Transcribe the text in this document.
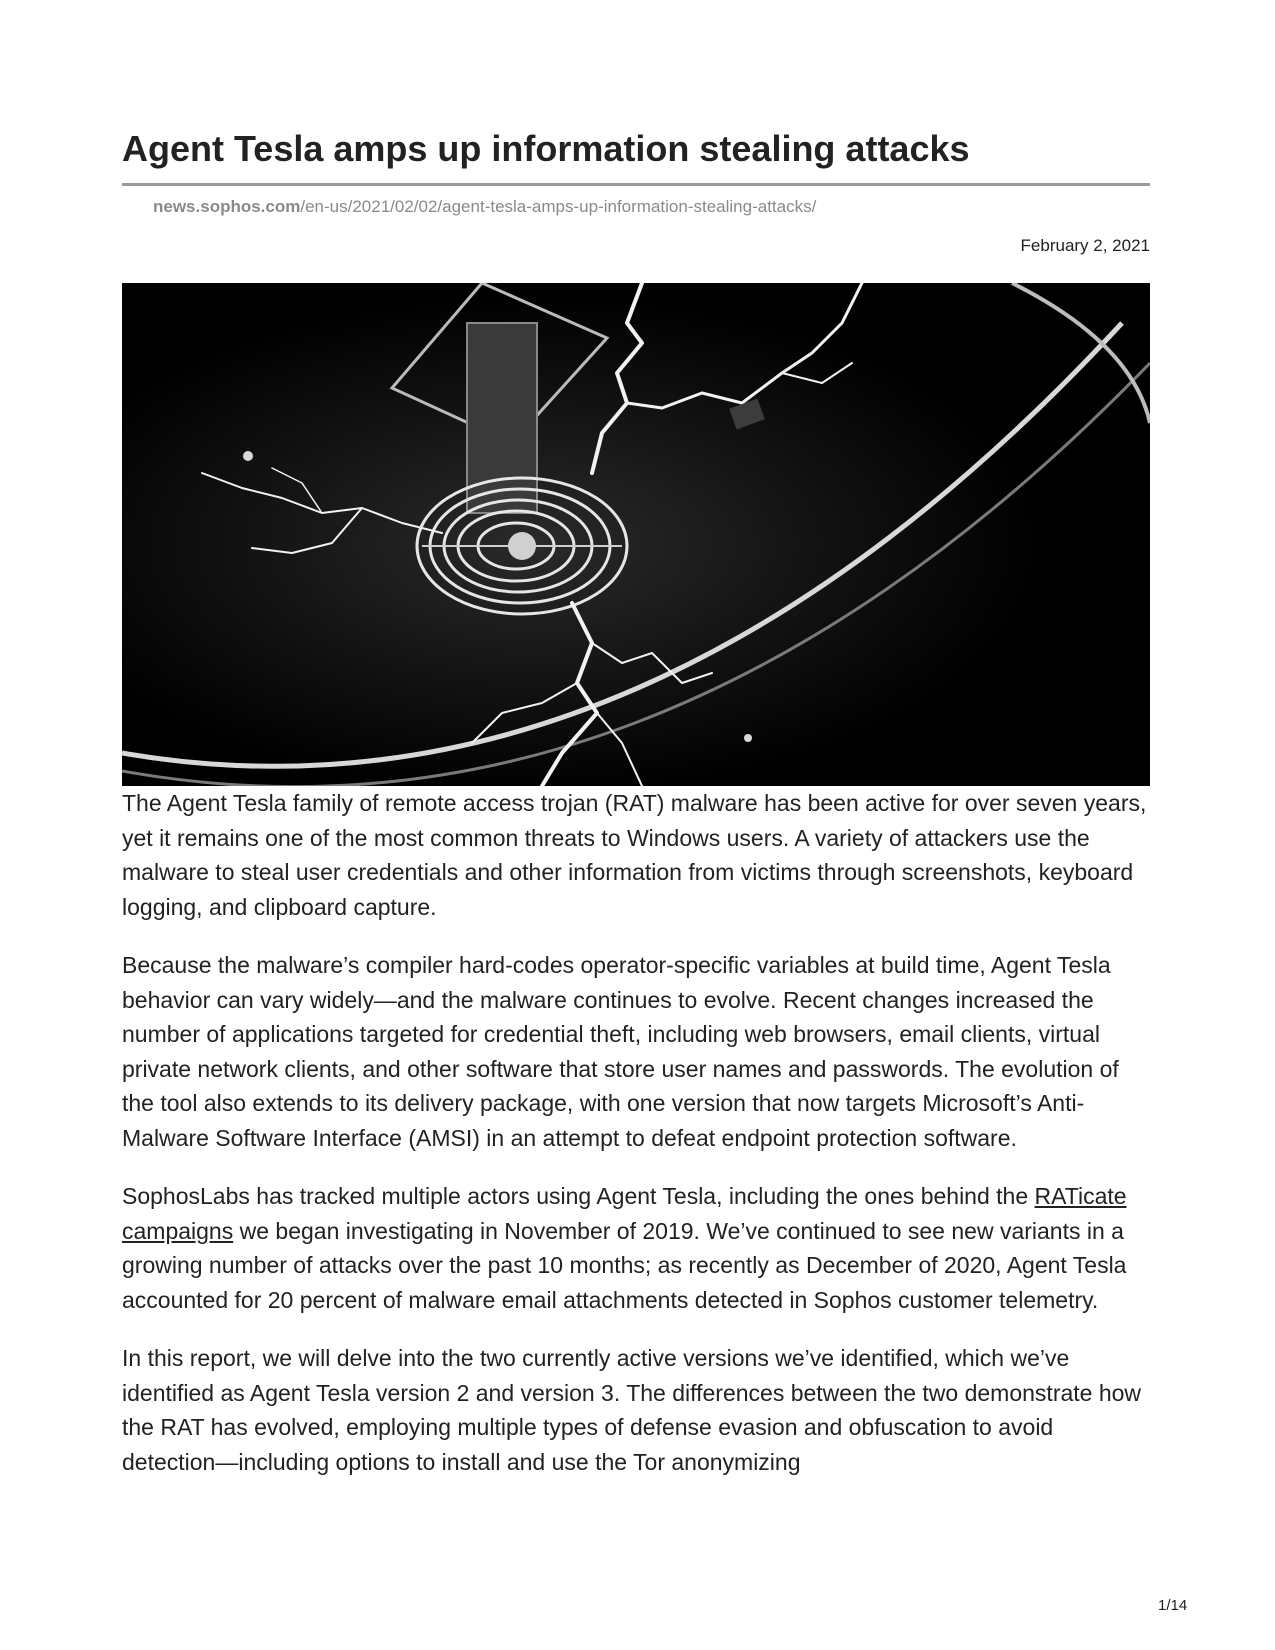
Agent Tesla amps up information stealing attacks
news.sophos.com/en-us/2021/02/02/agent-tesla-amps-up-information-stealing-attacks/
February 2, 2021

The Agent Tesla family of remote access trojan (RAT) malware has been active for over seven years, yet it remains one of the most common threats to Windows users. A variety of attackers use the malware to steal user credentials and other information from victims through screenshots, keyboard logging, and clipboard capture.

Because the malware’s compiler hard-codes operator-specific variables at build time, Agent Tesla behavior can vary widely—and the malware continues to evolve. Recent changes increased the number of applications targeted for credential theft, including web browsers, email clients, virtual private network clients, and other software that store user names and passwords. The evolution of the tool also extends to its delivery package, with one version that now targets Microsoft’s Anti-Malware Software Interface (AMSI) in an attempt to defeat endpoint protection software.

SophosLabs has tracked multiple actors using Agent Tesla, including the ones behind the RATicate campaigns we began investigating in November of 2019. We’ve continued to see new variants in a growing number of attacks over the past 10 months; as recently as December of 2020, Agent Tesla accounted for 20 percent of malware email attachments detected in Sophos customer telemetry.

In this report, we will delve into the two currently active versions we’ve identified, which we’ve identified as Agent Tesla version 2 and version 3. The differences between the two demonstrate how the RAT has evolved, employing multiple types of defense evasion and obfuscation to avoid detection—including options to install and use the Tor anonymizing

1/14
